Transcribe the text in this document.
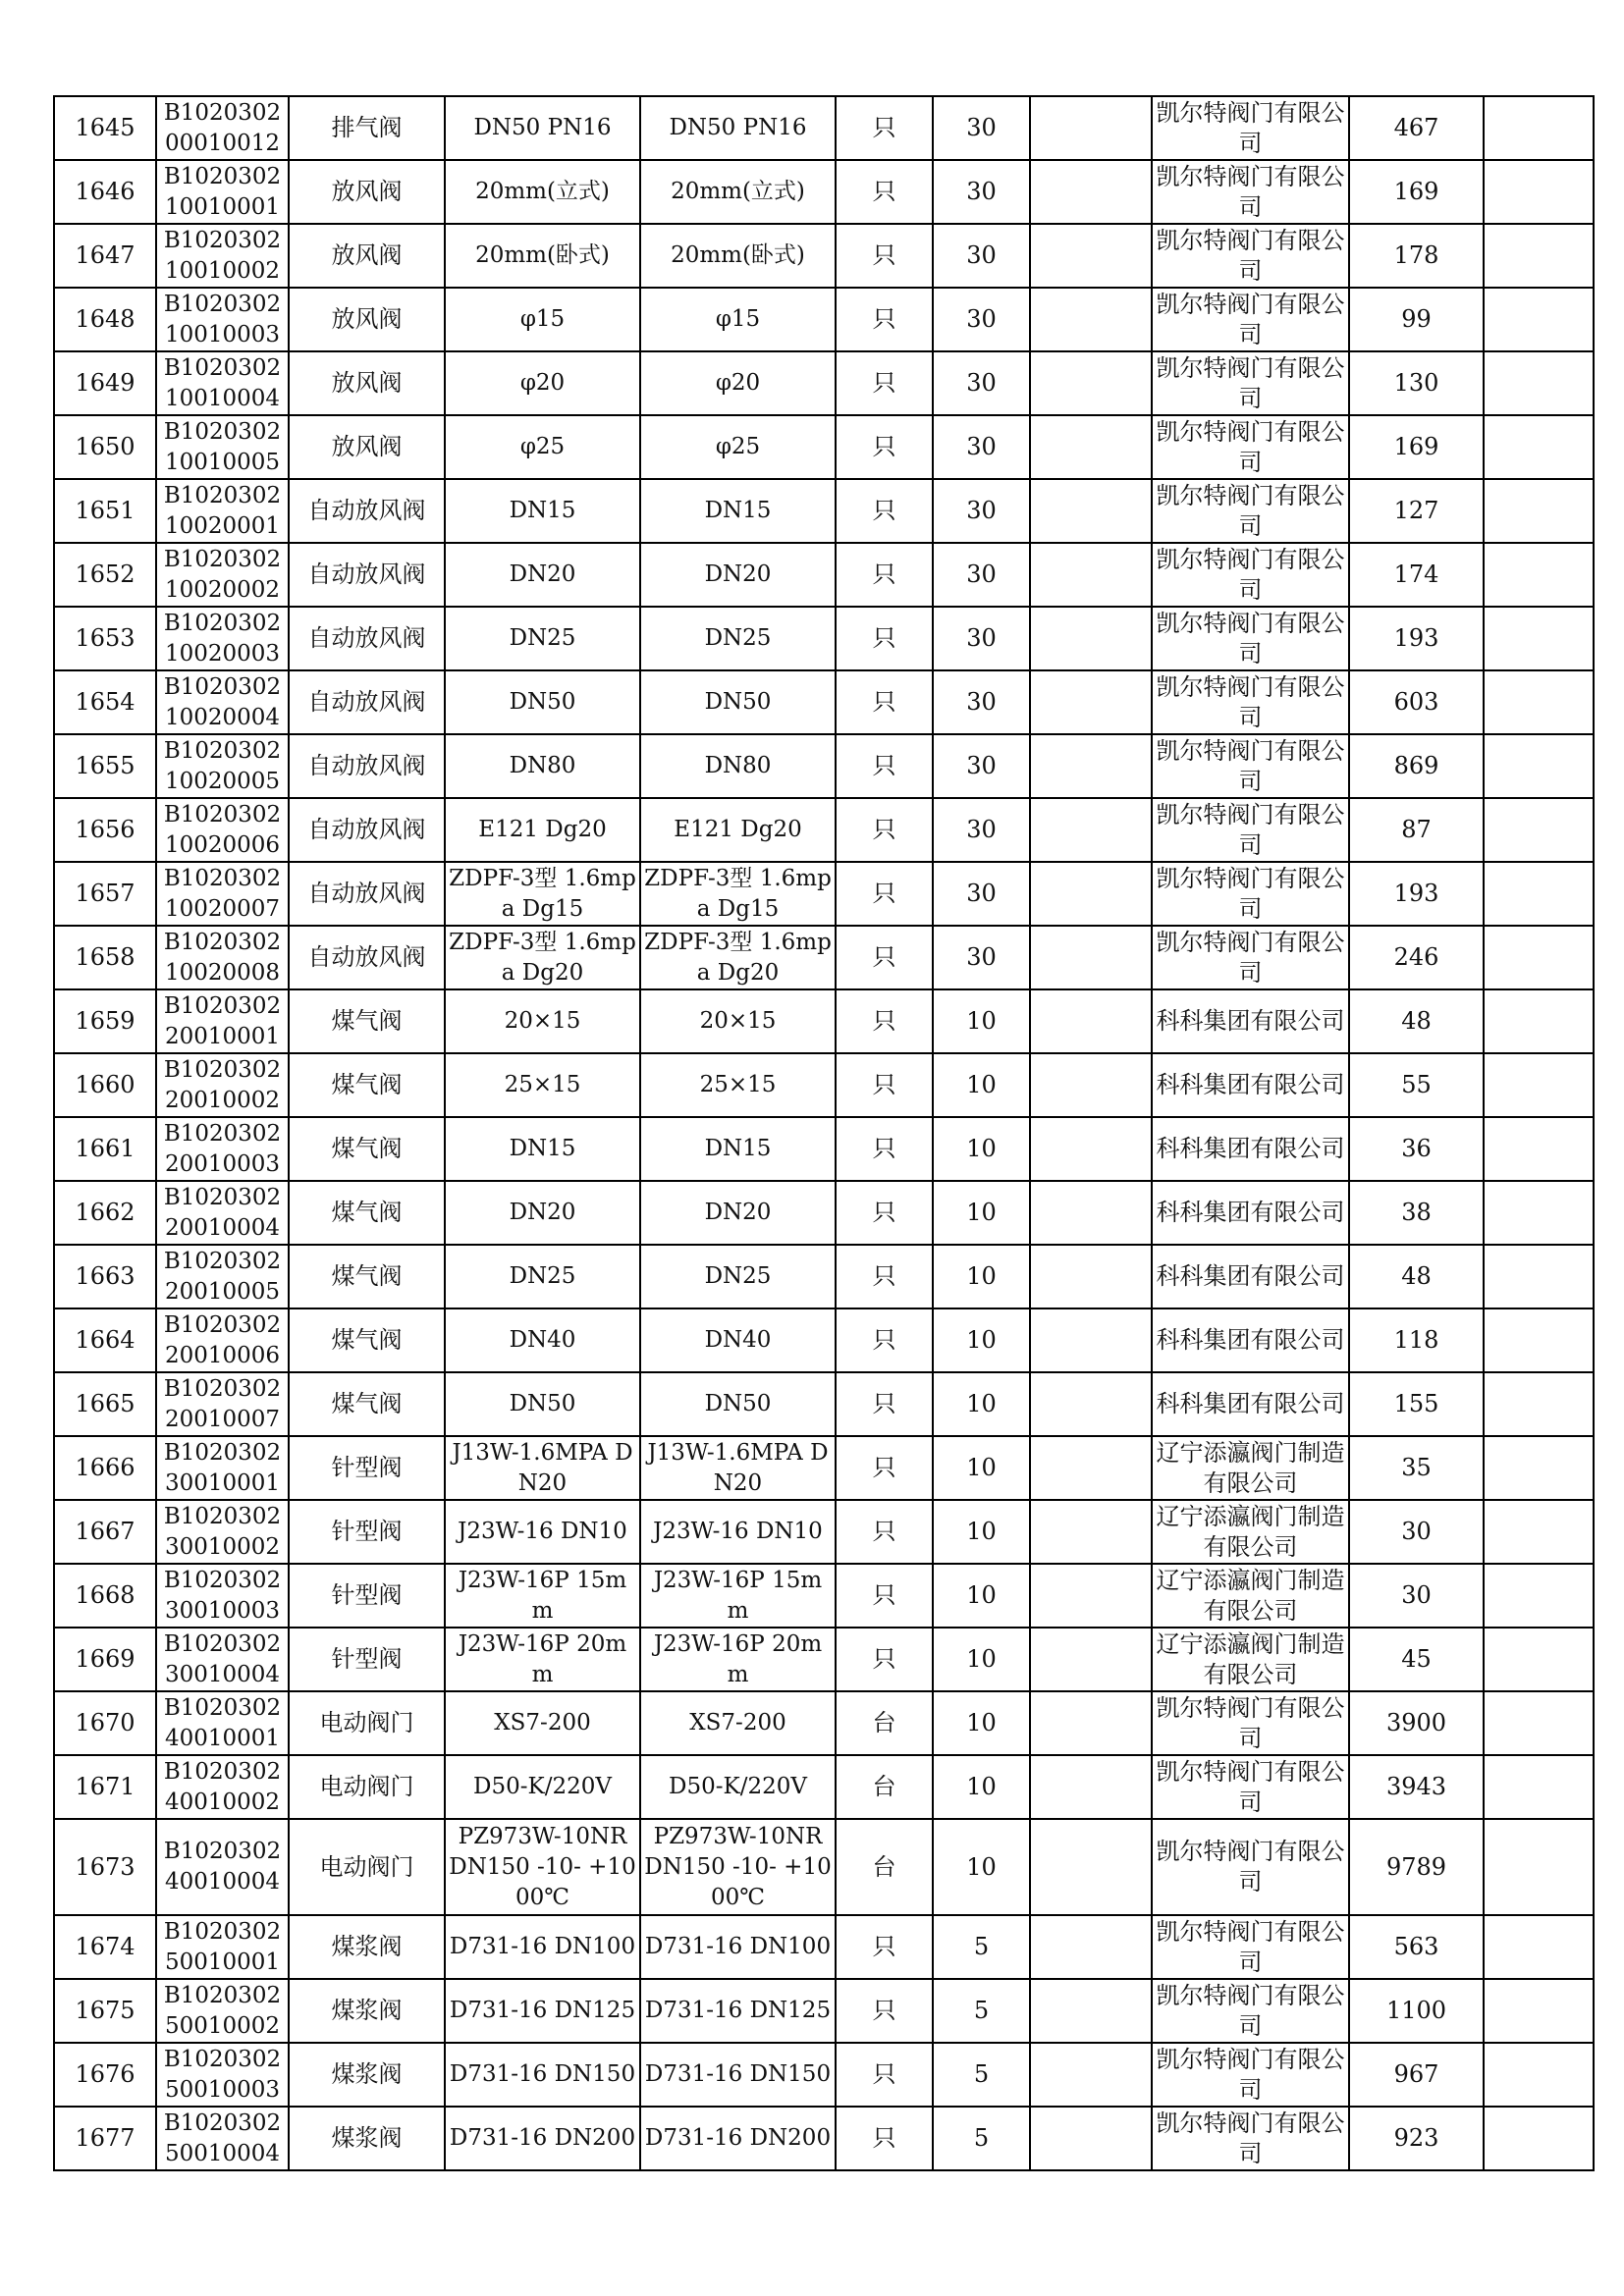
1645	B102030200010012	排气阀	DN50 PN16	DN50 PN16	只	30		凯尔特阀门有限公司	467	
1646	B102030210010001	放风阀	20mm(立式)	20mm(立式)	只	30		凯尔特阀门有限公司	169	
1647	B102030210010002	放风阀	20mm(卧式)	20mm(卧式)	只	30		凯尔特阀门有限公司	178	
1648	B102030210010003	放风阀	φ15	φ15	只	30		凯尔特阀门有限公司	99	
1649	B102030210010004	放风阀	φ20	φ20	只	30		凯尔特阀门有限公司	130	
1650	B102030210010005	放风阀	φ25	φ25	只	30		凯尔特阀门有限公司	169	
1651	B102030210020001	自动放风阀	DN15	DN15	只	30		凯尔特阀门有限公司	127	
1652	B102030210020002	自动放风阀	DN20	DN20	只	30		凯尔特阀门有限公司	174	
1653	B102030210020003	自动放风阀	DN25	DN25	只	30		凯尔特阀门有限公司	193	
1654	B102030210020004	自动放风阀	DN50	DN50	只	30		凯尔特阀门有限公司	603	
1655	B102030210020005	自动放风阀	DN80	DN80	只	30		凯尔特阀门有限公司	869	
1656	B102030210020006	自动放风阀	E121 Dg20	E121 Dg20	只	30		凯尔特阀门有限公司	87	
1657	B102030210020007	自动放风阀	ZDPF-3型 1.6mpa Dg15	ZDPF-3型 1.6mpa Dg15	只	30		凯尔特阀门有限公司	193	
1658	B102030210020008	自动放风阀	ZDPF-3型 1.6mpa Dg20	ZDPF-3型 1.6mpa Dg20	只	30		凯尔特阀门有限公司	246	
1659	B102030220010001	煤气阀	20×15	20×15	只	10		科科集团有限公司	48	
1660	B102030220010002	煤气阀	25×15	25×15	只	10		科科集团有限公司	55	
1661	B102030220010003	煤气阀	DN15	DN15	只	10		科科集团有限公司	36	
1662	B102030220010004	煤气阀	DN20	DN20	只	10		科科集团有限公司	38	
1663	B102030220010005	煤气阀	DN25	DN25	只	10		科科集团有限公司	48	
1664	B102030220010006	煤气阀	DN40	DN40	只	10		科科集团有限公司	118	
1665	B102030220010007	煤气阀	DN50	DN50	只	10		科科集团有限公司	155	
1666	B102030230010001	针型阀	J13W-1.6MPA DN20	J13W-1.6MPA DN20	只	10		辽宁添瀛阀门制造有限公司	35	
1667	B102030230010002	针型阀	J23W-16 DN10	J23W-16 DN10	只	10		辽宁添瀛阀门制造有限公司	30	
1668	B102030230010003	针型阀	J23W-16P 15mm	J23W-16P 15mm	只	10		辽宁添瀛阀门制造有限公司	30	
1669	B102030230010004	针型阀	J23W-16P 20mm	J23W-16P 20mm	只	10		辽宁添瀛阀门制造有限公司	45	
1670	B102030240010001	电动阀门	XS7-200	XS7-200	台	10		凯尔特阀门有限公司	3900	
1671	B102030240010002	电动阀门	D50-K/220V	D50-K/220V	台	10		凯尔特阀门有限公司	3943	
1673	B102030240010004	电动阀门	PZ973W-10NR DN150 -10- +1000℃	PZ973W-10NR DN150 -10- +1000℃	台	10		凯尔特阀门有限公司	9789	
1674	B102030250010001	煤浆阀	D731-16 DN100	D731-16 DN100	只	5		凯尔特阀门有限公司	563	
1675	B102030250010002	煤浆阀	D731-16 DN125	D731-16 DN125	只	5		凯尔特阀门有限公司	1100	
1676	B102030250010003	煤浆阀	D731-16 DN150	D731-16 DN150	只	5		凯尔特阀门有限公司	967	
1677	B102030250010004	煤浆阀	D731-16 DN200	D731-16 DN200	只	5		凯尔特阀门有限公司	923	
